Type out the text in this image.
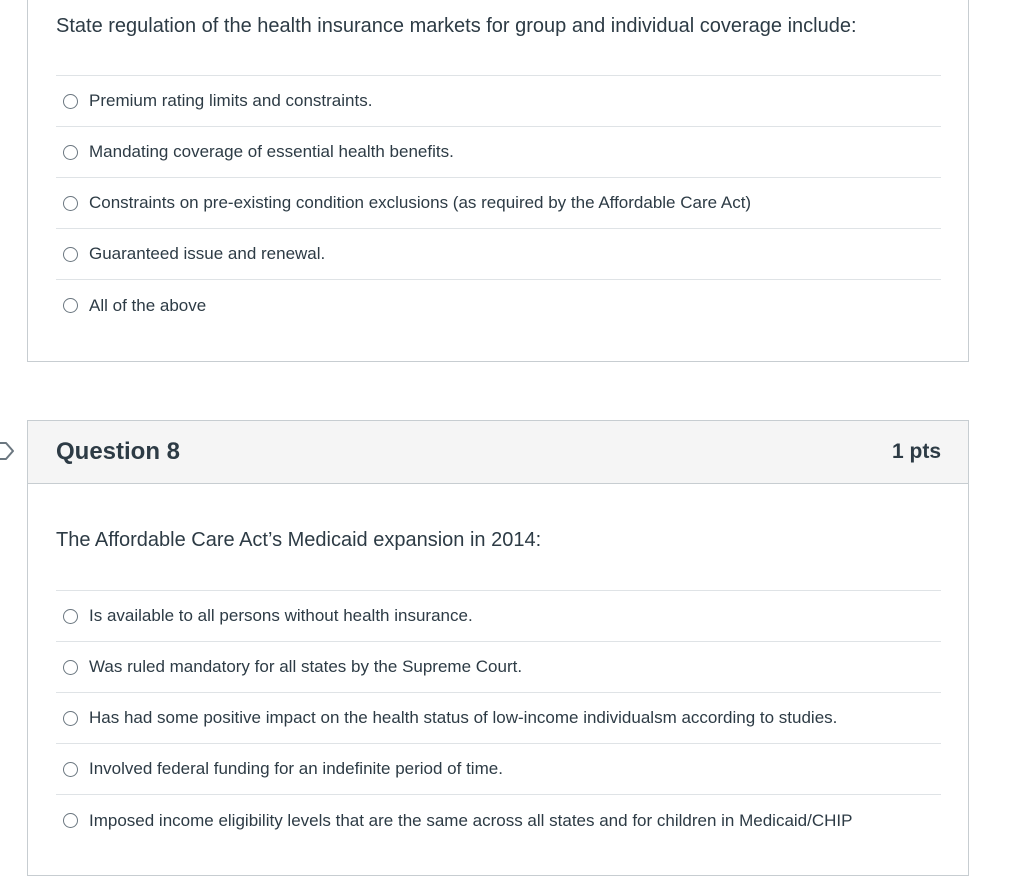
State regulation of the health insurance markets for group and individual coverage include:
Premium rating limits and constraints.
Mandating coverage of essential health benefits.
Constraints on pre-existing condition exclusions (as required by the Affordable Care Act)
Guaranteed issue and renewal.
All of the above
Question 8	1 pts
The Affordable Care Act’s Medicaid expansion in 2014:
Is available to all persons without health insurance.
Was ruled mandatory for all states by the Supreme Court.
Has had some positive impact on the health status of low-income individualsm according to studies.
Involved federal funding for an indefinite period of time.
Imposed income eligibility levels that are the same across all states and for children in Medicaid/CHIP
